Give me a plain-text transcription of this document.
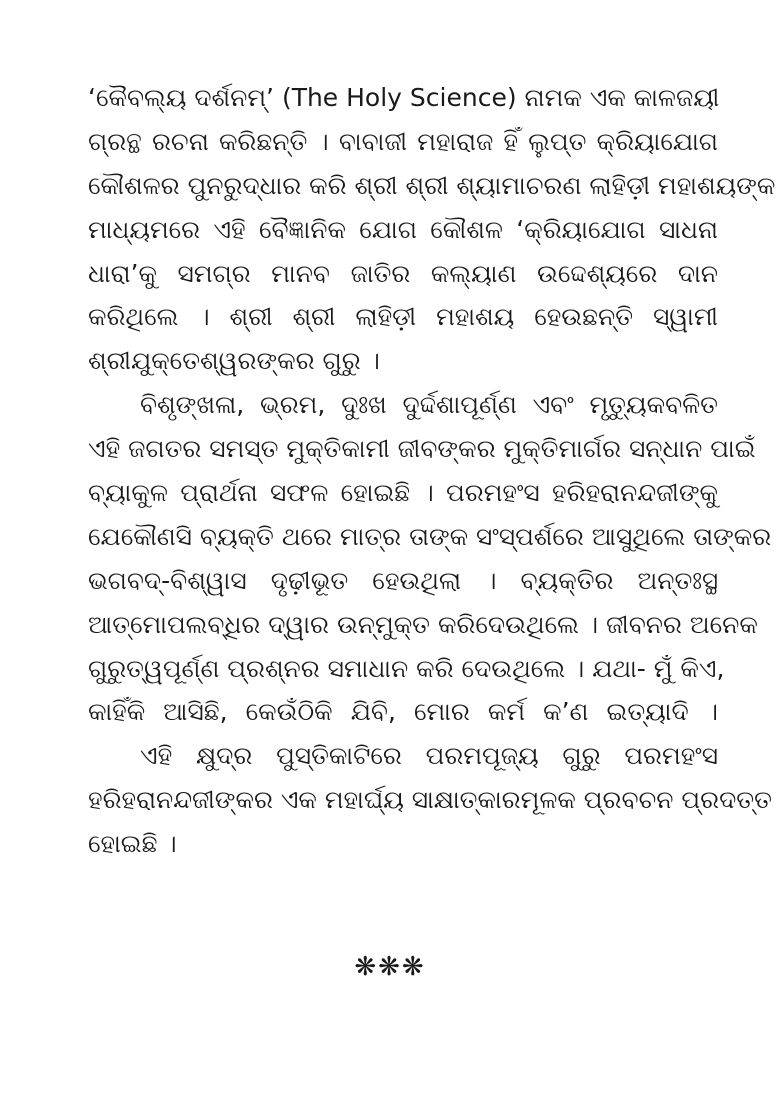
‘କୈବଲ୍ୟ ଦର୍ଶନମ୍’ (The Holy Science) ନାମକ ଏକ କାଳଜୟୀ
ଗ୍ରନ୍ଥ ରଚନା କରିଛନ୍ତି । ବାବାଜୀ ମହାରାଜ ହିଁ ଲୁପ୍ତ କ୍ରିୟାଯୋଗ
କୌଶଳର ପୁନରୁଦ୍ଧାର କରି ଶ୍ରୀ ଶ୍ରୀ ଶ୍ୟାମାଚରଣ ଲାହିଡ଼ୀ ମହାଶୟଙ୍କ
ମାଧ୍ୟମରେ ଏହି ବୈଜ୍ଞାନିକ ଯୋଗ କୌଶଳ ‘କ୍ରିୟାଯୋଗ ସାଧନା
ଧାରା’କୁ ସମଗ୍ର ମାନବ ଜାତିର କଲ୍ୟାଣ ଉଦ୍ଦେଶ୍ୟରେ ଦାନ
କରିଥିଲେ । ଶ୍ରୀ ଶ୍ରୀ ଲାହିଡ଼ୀ ମହାଶୟ ହେଉଛନ୍ତି ସ୍ୱାମୀ
ଶ୍ରୀଯୁକ୍ତେଶ୍ୱରଙ୍କର ଗୁରୁ ।
ବିଶୃଙ୍ଖଳା, ଭ୍ରମ, ଦୁଃଖ ଦୁର୍ଦ୍ଦଶାପୂର୍ଣ୍ଣ ଏବଂ ମୃତ୍ୟୁକବଳିତ
ଏହି ଜଗତର ସମସ୍ତ ମୁକ୍ତିକାମୀ ଜୀବଙ୍କର ମୁକ୍ତିମାର୍ଗର ସନ୍ଧାନ ପାଇଁ
ବ୍ୟାକୁଳ ପ୍ରାର୍ଥନା ସଫଳ ହୋଇଛି । ପରମହଂସ ହରିହରାନନ୍ଦଜୀଙ୍କୁ
ଯେକୌଣସି ବ୍ୟକ୍ତି ଥରେ ମାତ୍ର ତାଙ୍କ ସଂସ୍ପର୍ଶରେ ଆସୁଥିଲେ ତାଙ୍କର
ଭଗବଦ୍-ବିଶ୍ୱାସ ଦୃଢ଼ୀଭୂତ ହେଉଥିଲା । ବ୍ୟକ୍ତିର ଅନ୍ତଃସ୍ଥ
ଆତ୍ମୋପଲବ୍ଧିର ଦ୍ୱାର ଉନ୍ମୁକ୍ତ କରିଦେଉଥିଲେ । ଜୀବନର ଅନେକ
ଗୁରୁତ୍ୱପୂର୍ଣ୍ଣ ପ୍ରଶ୍ନର ସମାଧାନ କରି ଦେଉଥିଲେ । ଯଥା- ମୁଁ କିଏ,
କାହିଁକି ଆସିଛି, କେଉଁଠିକି ଯିବି, ମୋର କର୍ମ କ’ଣ ଇତ୍ୟାଦି ।
ଏହି କ୍ଷୁଦ୍ର ପୁସ୍ତିକାଟିରେ ପରମପୂଜ୍ୟ ଗୁରୁ ପରମହଂସ
ହରିହରାନନ୍ଦଜୀଙ୍କର ଏକ ମହାର୍ଘ୍ୟ ସାକ୍ଷାତ୍‌କାରମୂଳକ ପ୍ରବଚନ ପ୍ରଦତ୍ତ
ହୋଇଛି ।
❋❋❋
